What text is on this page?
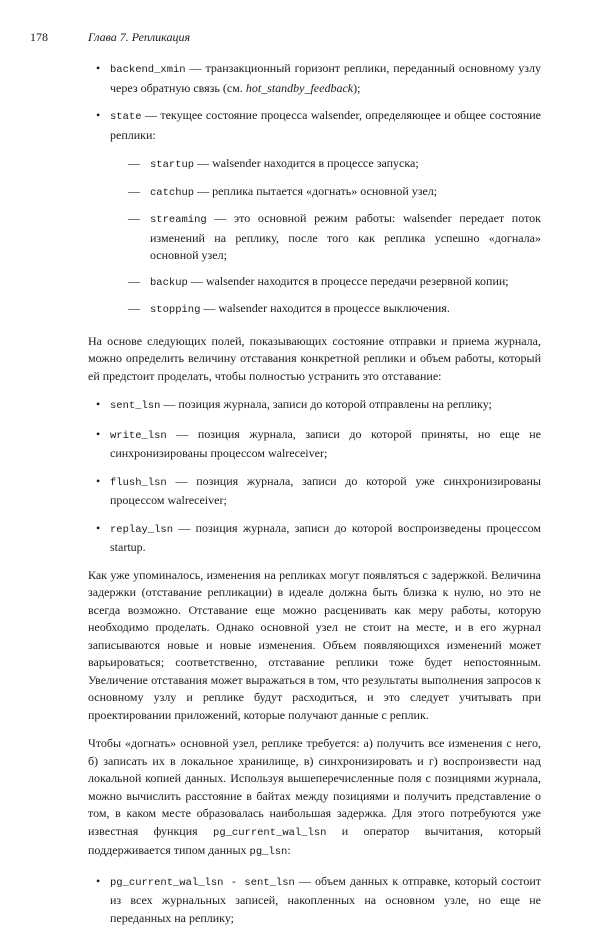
178	Глава 7. Репликация
• backend_xmin — транзакционный горизонт реплики, переданный основному узлу через обратную связь (см. hot_standby_feedback);
• state — текущее состояние процесса walsender, определяющее и общее состояние реплики:
— startup — walsender находится в процессе запуска;
— catchup — реплика пытается «догнать» основной узел;
— streaming — это основной режим работы: walsender передает поток изменений на реплику, после того как реплика успешно «догнала» основной узел;
— backup — walsender находится в процессе передачи резервной копии;
— stopping — walsender находится в процессе выключения.

На основе следующих полей, показывающих состояние отправки и приема журнала, можно определить величину отставания конкретной реплики и объем работы, который ей предстоит проделать, чтобы полностью устранить это отставание:

• sent_lsn — позиция журнала, записи до которой отправлены на реплику;
• write_lsn — позиция журнала, записи до которой приняты, но еще не синхронизированы процессом walreceiver;
• flush_lsn — позиция журнала, записи до которой уже синхронизированы процессом walreceiver;
• replay_lsn — позиция журнала, записи до которой воспроизведены процессом startup.

Как уже упоминалось, изменения на репликах могут появляться с задержкой. Величина задержки (отставание репликации) в идеале должна быть близка к нулю, но это не всегда возможно. Отставание еще можно расценивать как меру работы, которую необходимо проделать. Однако основной узел не стоит на месте, и в его журнал записываются новые и новые изменения. Объем появляющихся изменений может варьироваться; соответственно, отставание реплики тоже будет непостоянным. Увеличение отставания может выражаться в том, что результаты выполнения запросов к основному узлу и реплике будут расходиться, и это следует учитывать при проектировании приложений, которые получают данные с реплик.

Чтобы «догнать» основной узел, реплике требуется: а) получить все изменения с него, б) записать их в локальное хранилище, в) синхронизировать и г) воспроизвести над локальной копией данных. Используя вышеперечисленные поля с позициями журнала, можно вычислить расстояние в байтах между позициями и получить представление о том, в каком месте образовалась наибольшая задержка. Для этого потребуются уже известная функция pg_current_wal_lsn и оператор вычитания, который поддерживается типом данных pg_lsn:

• pg_current_wal_lsn - sent_lsn — объем данных к отправке, который состоит из всех журнальных записей, накопленных на основном узле, но еще не переданных на реплику;
